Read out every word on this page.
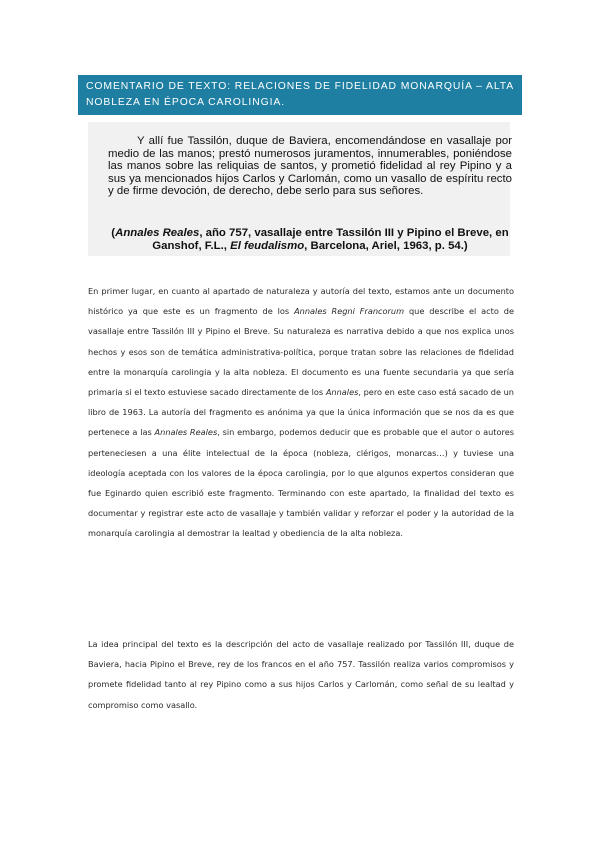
COMENTARIO DE TEXTO: RELACIONES DE FIDELIDAD MONARQUÍA – ALTA NOBLEZA EN ÉPOCA CAROLINGIA.
Y allí fue Tassilón, duque de Baviera, encomendándose en vasallaje por medio de las manos; prestó numerosos juramentos, innumerables, poniéndose las manos sobre las reliquias de santos, y prometió fidelidad al rey Pipino y a sus ya mencionados hijos Carlos y Carlomán, como un vasallo de espíritu recto y de firme devoción, de derecho, debe serlo para sus señores.
(Annales Reales, año 757, vasallaje entre Tassilón III y Pipino el Breve, en Ganshof, F.L., El feudalismo, Barcelona, Ariel, 1963, p. 54.)

En primer lugar, en cuanto al apartado de naturaleza y autoría del texto, estamos ante un documento histórico ya que este es un fragmento de los Annales Regni Francorum que describe el acto de vasallaje entre Tassilón III y Pipino el Breve. Su naturaleza es narrativa debido a que nos explica unos hechos y esos son de temática administrativa-política, porque tratan sobre las relaciones de fidelidad entre la monarquía carolingia y la alta nobleza. El documento es una fuente secundaria ya que sería primaria si el texto estuviese sacado directamente de los Annales, pero en este caso está sacado de un libro de 1963. La autoría del fragmento es anónima ya que la única información que se nos da es que pertenece a las Annales Reales, sin embargo, podemos deducir que es probable que el autor o autores perteneciesen a una élite intelectual de la época (nobleza, clérigos, monarcas…) y tuviese una ideología aceptada con los valores de la época carolingia, por lo que algunos expertos consideran que fue Eginardo quien escribió este fragmento. Terminando con este apartado, la finalidad del texto es documentar y registrar este acto de vasallaje y también validar y reforzar el poder y la autoridad de la monarquía carolingia al demostrar la lealtad y obediencia de la alta nobleza.

La idea principal del texto es la descripción del acto de vasallaje realizado por Tassilón III, duque de Baviera, hacia Pipino el Breve, rey de los francos en el año 757. Tassilón realiza varios compromisos y promete fidelidad tanto al rey Pipino como a sus hijos Carlos y Carlomán, como señal de su lealtad y compromiso como vasallo.
